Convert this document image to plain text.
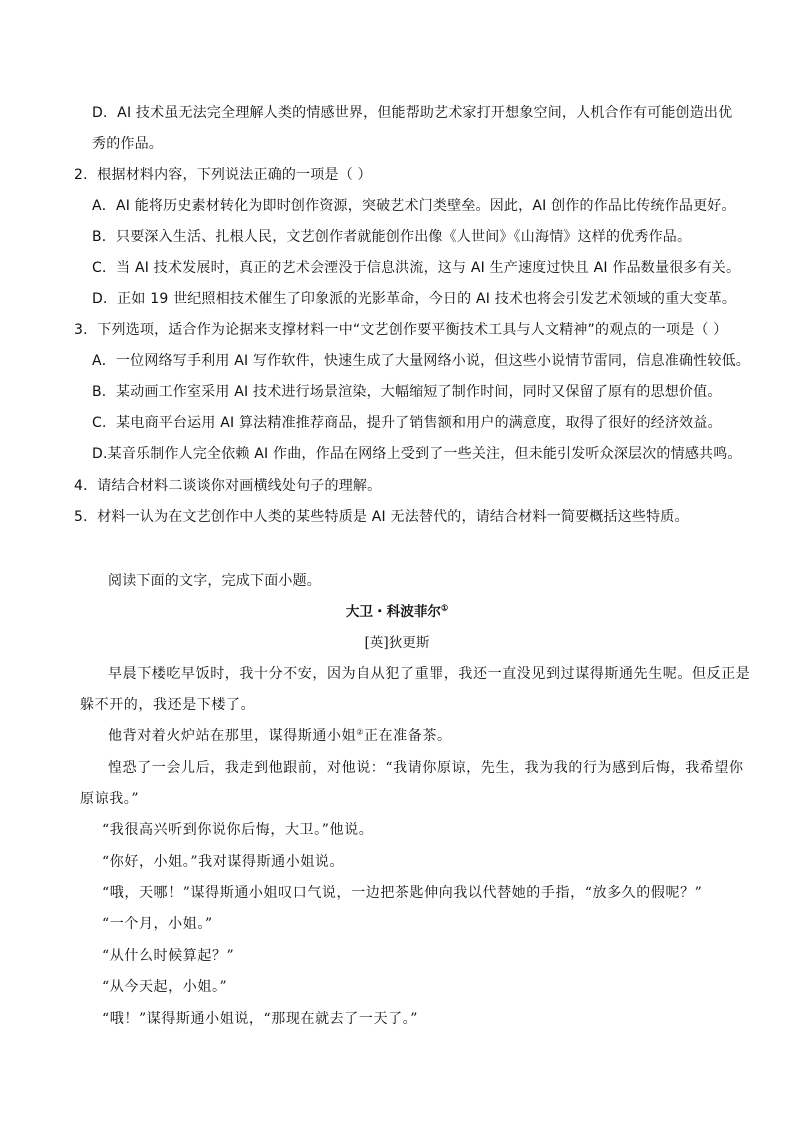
D．AI 技术虽无法完全理解人类的情感世界，但能帮助艺术家打开想象空间，人机合作有可能创造出优
秀的作品。
2．根据材料内容，下列说法正确的一项是（ ）
A．AI 能将历史素材转化为即时创作资源，突破艺术门类壁垒。因此，AI 创作的作品比传统作品更好。
B．只要深入生活、扎根人民，文艺创作者就能创作出像《人世间》《山海情》这样的优秀作品。
C．当 AI 技术发展时，真正的艺术会湮没于信息洪流，这与 AI 生产速度过快且 AI 作品数量很多有关。
D．正如 19 世纪照相技术催生了印象派的光影革命，今日的 AI 技术也将会引发艺术领域的重大变革。
3．下列选项，适合作为论据来支撑材料一中“文艺创作要平衡技术工具与人文精神”的观点的一项是（ ）
A．一位网络写手利用 AI 写作软件，快速生成了大量网络小说，但这些小说情节雷同，信息准确性较低。
B．某动画工作室采用 AI 技术进行场景渲染，大幅缩短了制作时间，同时又保留了原有的思想价值。
C．某电商平台运用 AI 算法精准推荐商品，提升了销售额和用户的满意度，取得了很好的经济效益。
D.某音乐制作人完全依赖 AI 作曲，作品在网络上受到了一些关注，但未能引发听众深层次的情感共鸣。
4．请结合材料二谈谈你对画横线处句子的理解。
5．材料一认为在文艺创作中人类的某些特质是 AI 无法替代的，请结合材料一简要概括这些特质。
阅读下面的文字，完成下面小题。
大卫・科波菲尔①
[英]狄更斯
早晨下楼吃早饭时，我十分不安，因为自从犯了重罪，我还一直没见到过谋得斯通先生呢。但反正是
躲不开的，我还是下楼了。
他背对着火炉站在那里，谋得斯通小姐②正在准备茶。
惶恐了一会儿后，我走到他跟前，对他说：“我请你原谅，先生，我为我的行为感到后悔，我希望你
原谅我。”
“我很高兴听到你说你后悔，大卫。”他说。
“你好，小姐。”我对谋得斯通小姐说。
“哦，天哪！”谋得斯通小姐叹口气说，一边把茶匙伸向我以代替她的手指，“放多久的假呢？”
“一个月，小姐。”
“从什么时候算起？”
“从今天起，小姐。”
“哦！”谋得斯通小姐说，“那现在就去了一天了。”
